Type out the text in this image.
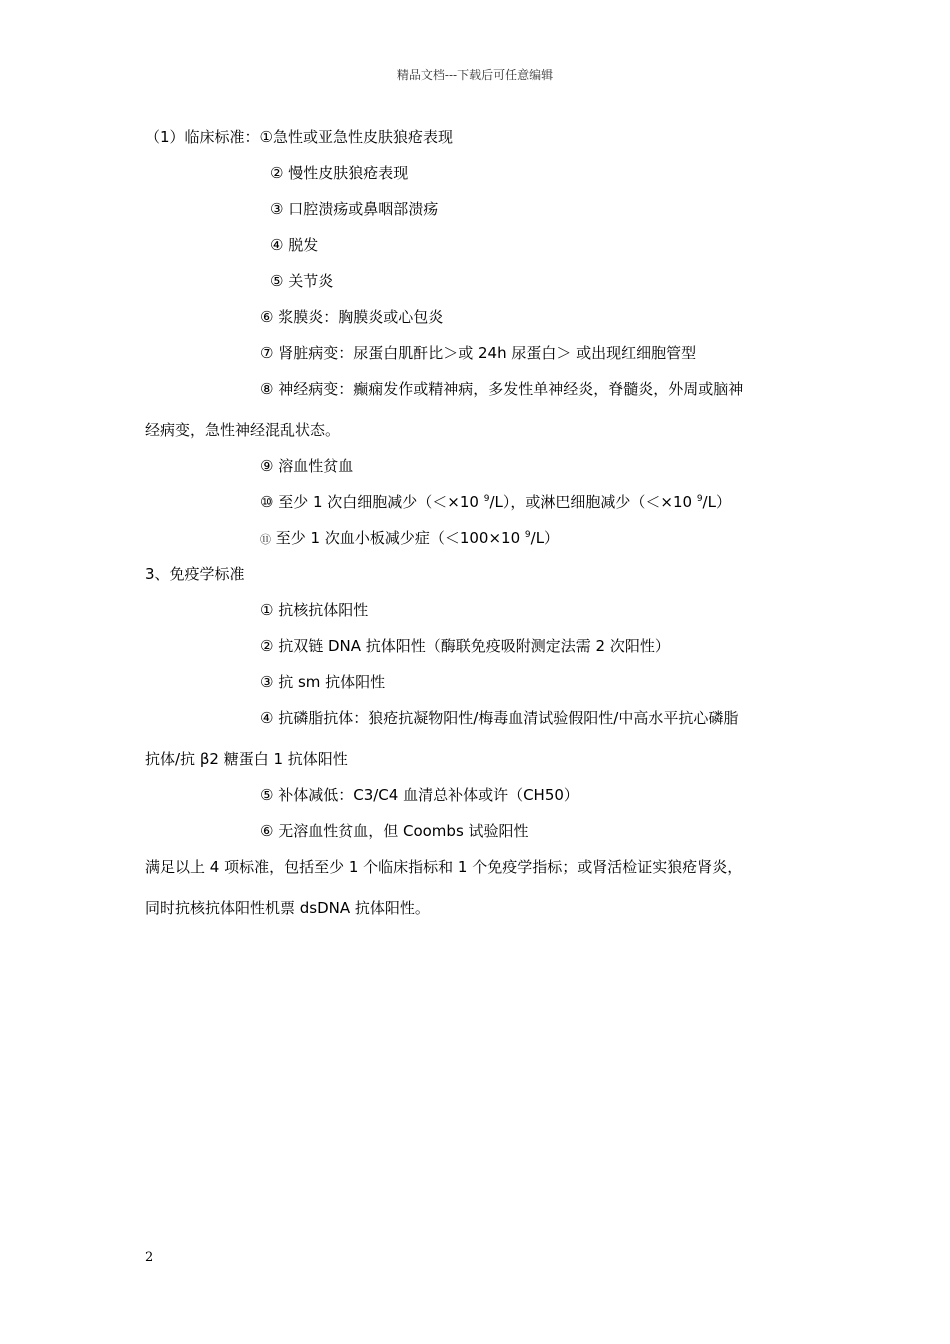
精品文档---下载后可任意编辑
（1）临床标准：①急性或亚急性皮肤狼疮表现
② 慢性皮肤狼疮表现
③ 口腔溃疡或鼻咽部溃疡
④ 脱发
⑤ 关节炎
⑥ 浆膜炎：胸膜炎或心包炎
⑦ 肾脏病变：尿蛋白肌酐比＞或 24h 尿蛋白＞ 或出现红细胞管型
⑧ 神经病变：癫痫发作或精神病，多发性单神经炎，脊髓炎，外周或脑神
经病变，急性神经混乱状态。
⑨ 溶血性贫血
⑩ 至少 1 次白细胞减少（＜×10 $^9$/L），或淋巴细胞减少（＜×10 $^9$/L）
⑪ 至少 1 次血小板减少症（＜100×10 $^9$/L）
3、免疫学标准
① 抗核抗体阳性
② 抗双链 DNA 抗体阳性（酶联免疫吸附测定法需 2 次阳性）
③ 抗 sm 抗体阳性
④ 抗磷脂抗体：狼疮抗凝物阳性/梅毒血清试验假阳性/中高水平抗心磷脂
抗体/抗 β2 糖蛋白 1 抗体阳性
⑤ 补体减低：C3/C4 血清总补体或许（CH50）
⑥ 无溶血性贫血，但 Coombs 试验阳性
满足以上 4 项标准，包括至少 1 个临床指标和 1 个免疫学指标；或肾活检证实狼疮肾炎，
同时抗核抗体阳性机票 dsDNA 抗体阳性。
2
